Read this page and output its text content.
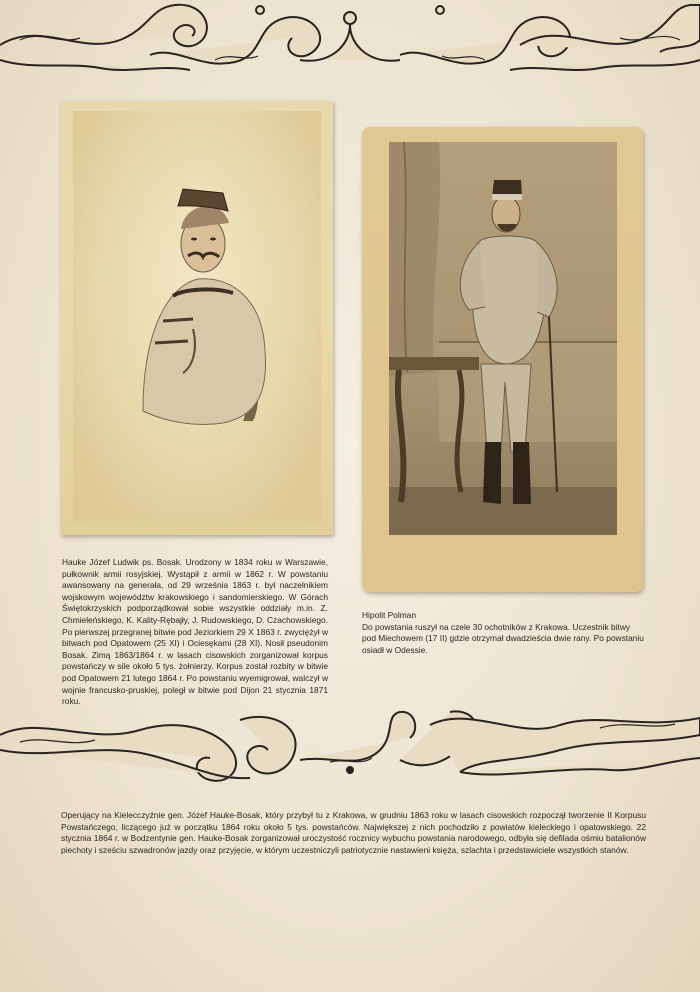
Hauke Józef Ludwik ps. Bosak. Urodzony w 1834 roku w Warszawie, pułkownik armii rosyjskiej. Wystąpił z armii w 1862 r. W powstaniu awansowany na generała, od 29 września 1863 r. był naczelnikiem wojskowym województw krakowskiego i sandomierskiego. W Górach Świętokrzyskich podporządkował sobie wszystkie oddziały m.in. Z. Chmieleńskiego, K. Kality-Rębajły, J. Rudowskiego, D. Czachowskiego. Po pierwszej przegranej bitwie pod Jeziorkiem 29 X 1863 r. zwyciężył w bitwach pod Opatowem (25 XI) i Ociesękami (28 XI). Nosił pseudonim Bosak. Zimą 1863/1864 r. w lasach cisowskich zorganizował korpus powstańczy w sile około 5 tys. żołnierzy. Korpus został rozbity w bitwie pod Opatowem 21 lutego 1864 r. Po powstaniu wyemigrował, walczył w wojnie francusko-pruskiej, poległ w bitwie pod Dijon 21 stycznia 1871 roku.

Hipolit Polman
Do powstania ruszył na czele 30 ochotników z Krakowa. Uczestnik bitwy pod Miechowem (17 II) gdzie otrzymał dwadzieścia dwie rany. Po powstaniu osiadł w Odessie.

Operujący na Kielecczyźnie gen. Józef Hauke-Bosak, który przybył tu z Krakowa, w grudniu 1863 roku w lasach cisowskich rozpoczął tworzenie II Korpusu Powstańczego, liczącego już w początku 1864 roku około 5 tys. powstańców. Największej z nich pochodziło z powiatów kieleckiego i opatowskiego. 22 stycznia 1864 r. w Bodzentynie gen. Hauke-Bosak zorganizował uroczystość rocznicy wybuchu powstania narodowego, odbyła się defilada ośmiu batalionów piechoty i sześciu szwadronów jazdy oraz przyjęcie, w którym uczestniczyli patriotycznie nastawieni księża, szlachta i przedstawiciele wszystkich stanów.
